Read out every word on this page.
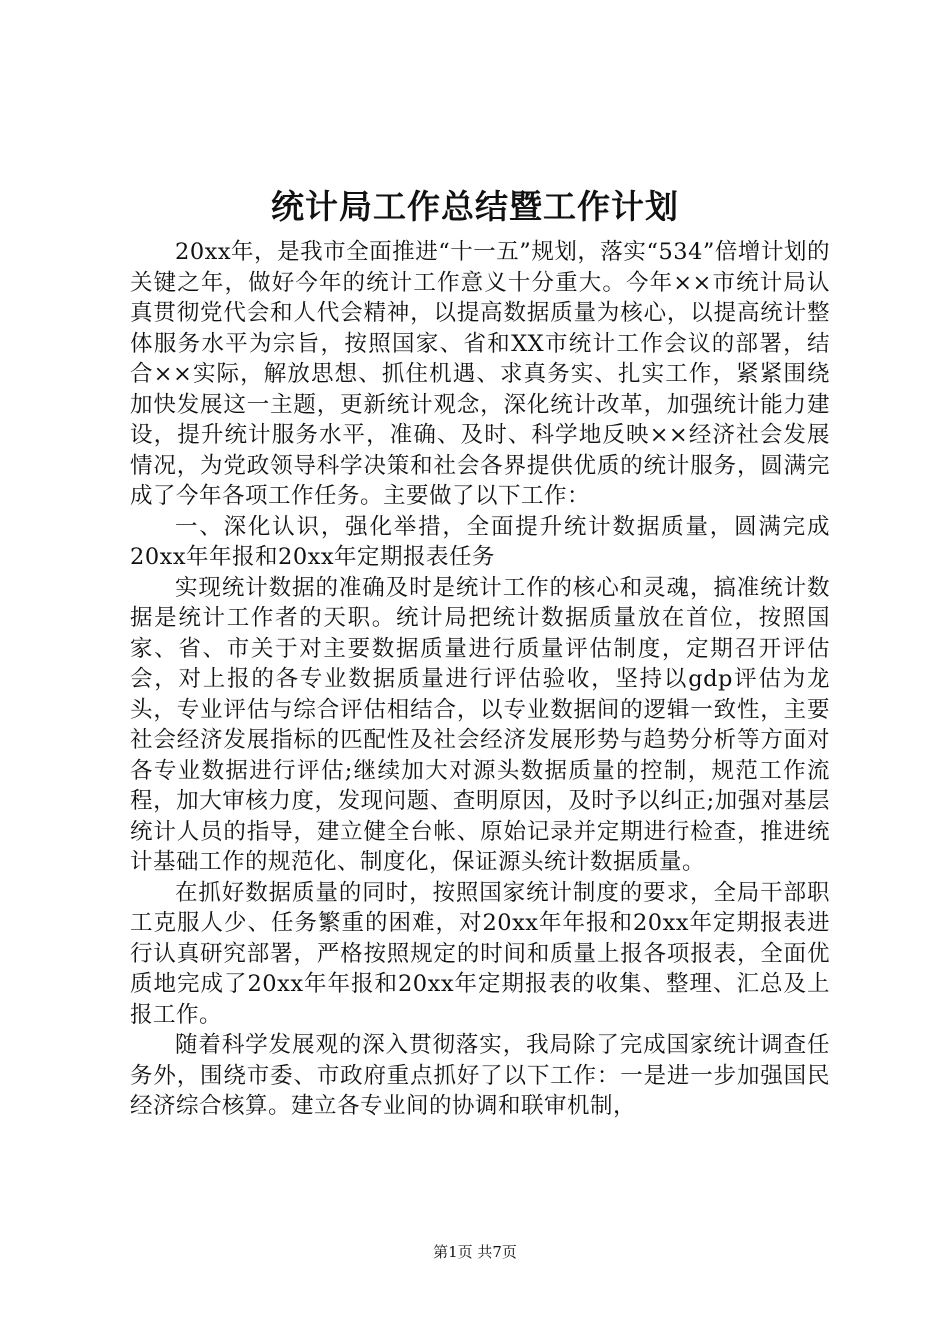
统计局工作总结暨工作计划

20xx年，是我市全面推进“十一五”规划，落实“534”倍增计划的关键之年，做好今年的统计工作意义十分重大。今年××市统计局认真贯彻党代会和人代会精神，以提高数据质量为核心，以提高统计整体服务水平为宗旨，按照国家、省和XX市统计工作会议的部署，结合××实际，解放思想、抓住机遇、求真务实、扎实工作，紧紧围绕加快发展这一主题，更新统计观念，深化统计改革，加强统计能力建设，提升统计服务水平，准确、及时、科学地反映××经济社会发展情况，为党政领导科学决策和社会各界提供优质的统计服务，圆满完成了今年各项工作任务。主要做了以下工作：

一、深化认识，强化举措，全面提升统计数据质量，圆满完成20xx年年报和20xx年定期报表任务

实现统计数据的准确及时是统计工作的核心和灵魂，搞准统计数据是统计工作者的天职。统计局把统计数据质量放在首位，按照国家、省、市关于对主要数据质量进行质量评估制度，定期召开评估会，对上报的各专业数据质量进行评估验收，坚持以gdp评估为龙头，专业评估与综合评估相结合，以专业数据间的逻辑一致性，主要社会经济发展指标的匹配性及社会经济发展形势与趋势分析等方面对各专业数据进行评估;继续加大对源头数据质量的控制，规范工作流程，加大审核力度，发现问题、查明原因，及时予以纠正;加强对基层统计人员的指导，建立健全台帐、原始记录并定期进行检查，推进统计基础工作的规范化、制度化，保证源头统计数据质量。

在抓好数据质量的同时，按照国家统计制度的要求，全局干部职工克服人少、任务繁重的困难，对20xx年年报和20xx年定期报表进行认真研究部署，严格按照规定的时间和质量上报各项报表，全面优质地完成了20xx年年报和20xx年定期报表的收集、整理、汇总及上报工作。

随着科学发展观的深入贯彻落实，我局除了完成国家统计调查任务外，围绕市委、市政府重点抓好了以下工作：一是进一步加强国民经济综合核算。建立各专业间的协调和联审机制，

第1页 共7页
